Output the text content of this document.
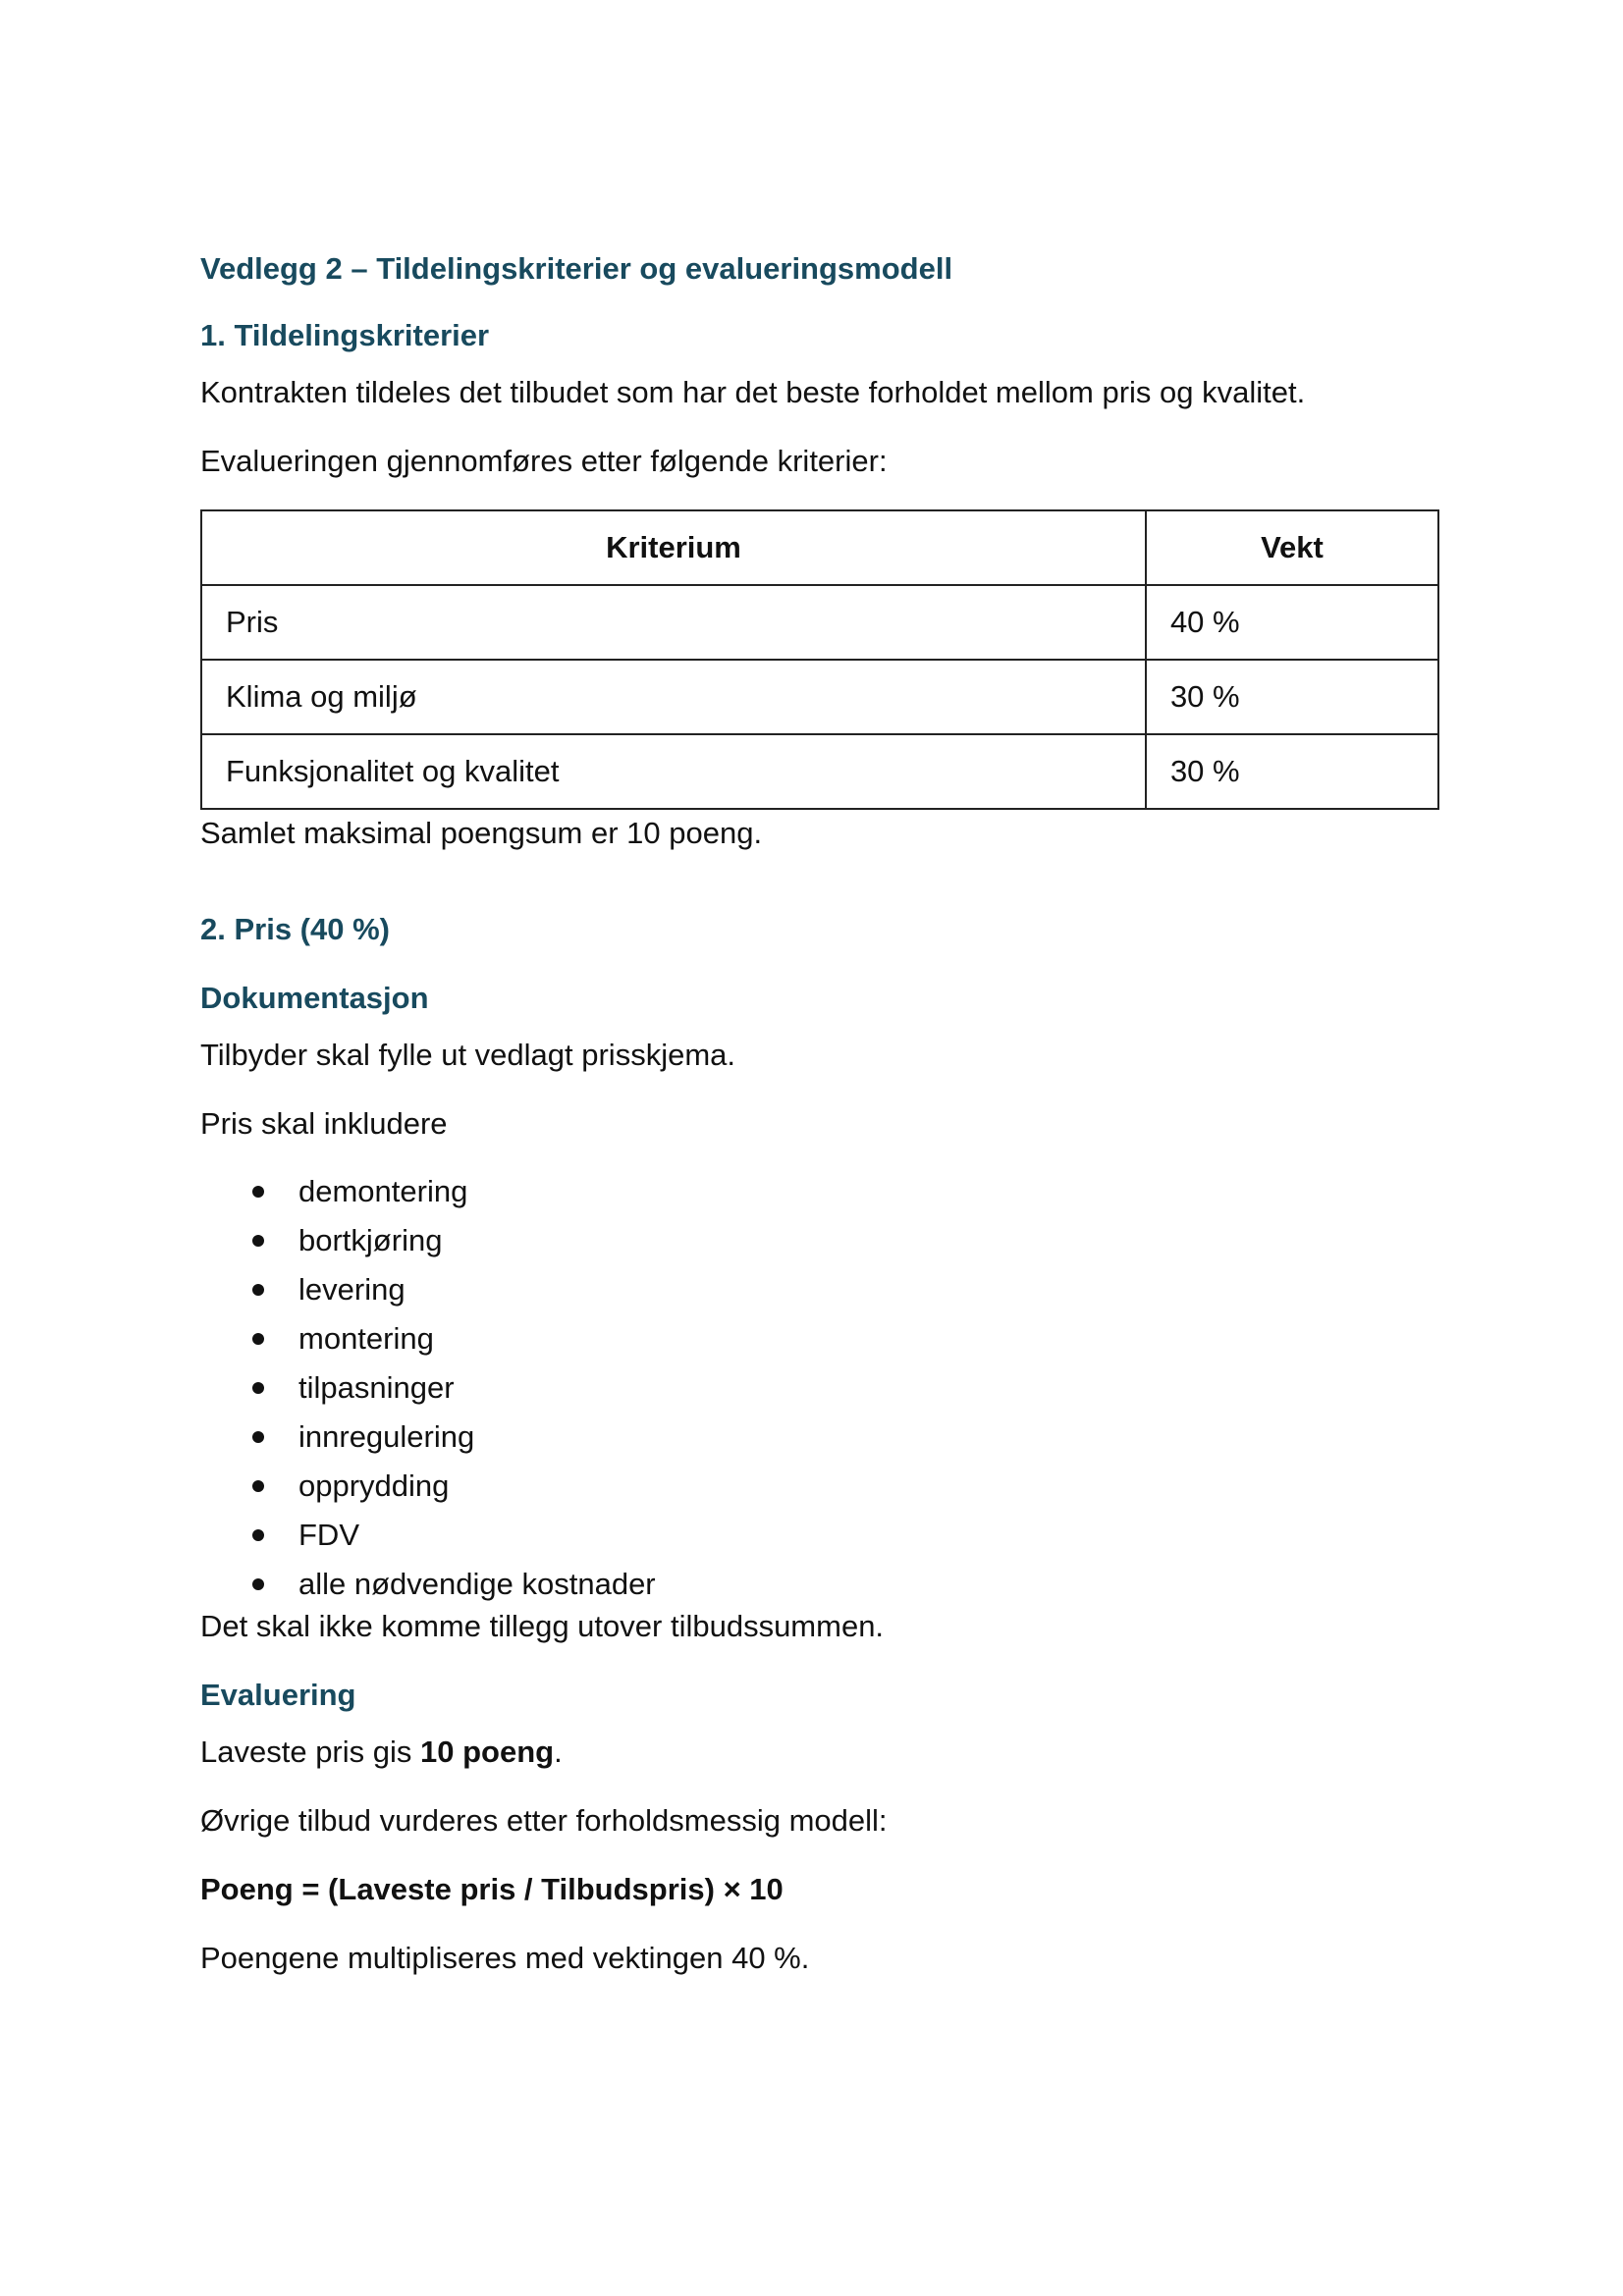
Vedlegg 2 – Tildelingskriterier og evalueringsmodell
1. Tildelingskriterier

Kontrakten tildeles det tilbudet som har det beste forholdet mellom pris og kvalitet.

Evalueringen gjennomføres etter følgende kriterier:

Kriterium	Vekt
Pris	40 %
Klima og miljø	30 %
Funksjonalitet og kvalitet	30 %

Samlet maksimal poengsum er 10 poeng.

2. Pris (40 %)
Dokumentasjon

Tilbyder skal fylle ut vedlagt prisskjema.

Pris skal inkludere

demontering
bortkjøring
levering
montering
tilpasninger
innregulering
opprydding
FDV
alle nødvendige kostnader

Det skal ikke komme tillegg utover tilbudssummen.

Evaluering

Laveste pris gis 10 poeng.

Øvrige tilbud vurderes etter forholdsmessig modell:

Poeng = (Laveste pris / Tilbudspris) × 10

Poengene multipliseres med vektingen 40 %.
